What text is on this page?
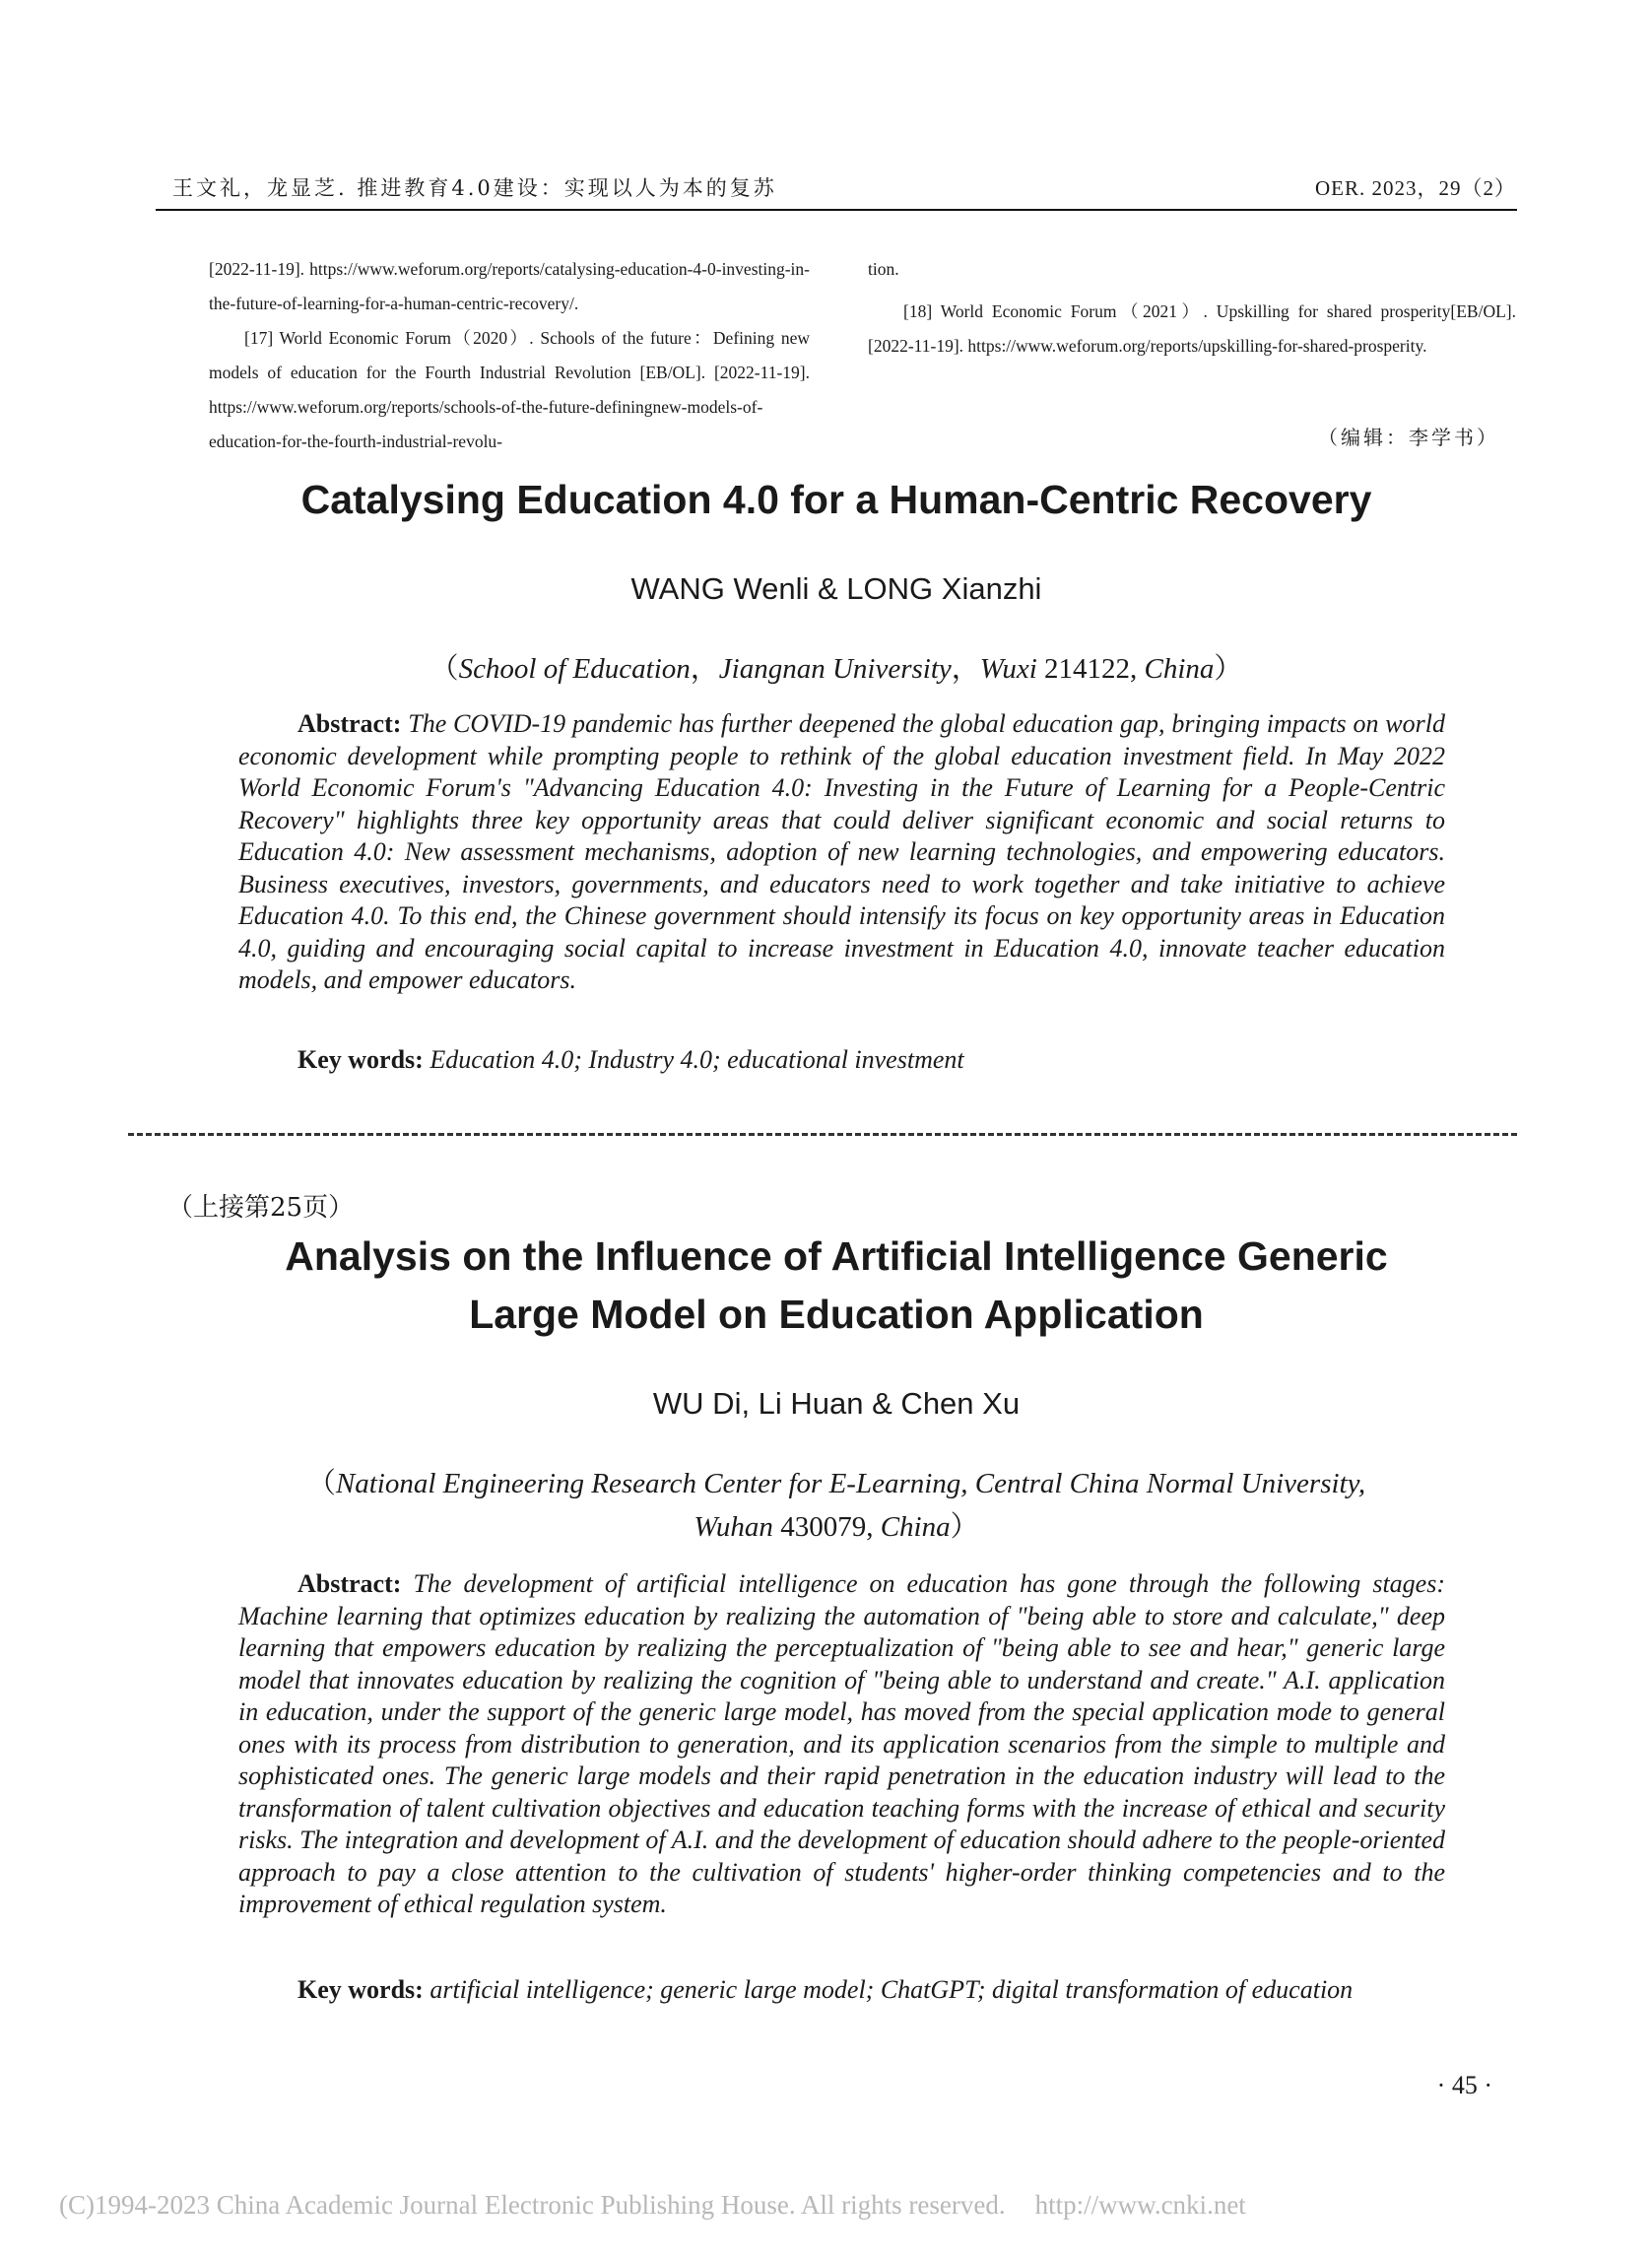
王文礼，龙显芝. 推进教育4.0建设：实现以人为本的复苏	OER. 2023，29（2）

[2022-11-19]. https://www.weforum.org/reports/catalysing-education-4-0-investing-in-the-future-of-learning-for-a-human-centric-recovery/.

[17] World Economic Forum（2020）. Schools of the future：Defining new models of education for the Fourth Industrial Revolution [EB/OL]. [2022-11-19]. https://www.weforum.org/reports/schools-of-the-future-definingnew-models-of-education-for-the-fourth-industrial-revolu-

tion.

[18] World Economic Forum（2021）. Upskilling for shared prosperity[EB/OL]. [2022-11-19]. https://www.weforum.org/reports/upskilling-for-shared-prosperity.

（编辑：李学书）
Catalysing Education 4.0 for a Human-Centric Recovery
WANG Wenli & LONG Xianzhi
（School of Education，Jiangnan University，Wuxi 214122, China）
Abstract: The COVID-19 pandemic has further deepened the global education gap, bringing impacts on world economic development while prompting people to rethink of the global education investment field. In May 2022 World Economic Forum's "Advancing Education 4.0: Investing in the Future of Learning for a People-Centric Recovery" highlights three key opportunity areas that could deliver significant economic and social returns to Education 4.0: New assessment mechanisms, adoption of new learning technologies, and empowering educators. Business executives, investors, governments, and educators need to work together and take initiative to achieve Education 4.0. To this end, the Chinese government should intensify its focus on key opportunity areas in Education 4.0, guiding and encouraging social capital to increase investment in Education 4.0, innovate teacher education models, and empower educators.
Key words: Education 4.0; Industry 4.0; educational investment
（上接第25页）
Analysis on the Influence of Artificial Intelligence Generic
Large Model on Education Application
WU Di, Li Huan & Chen Xu
（National Engineering Research Center for E-Learning, Central China Normal University,
Wuhan 430079, China）
Abstract: The development of artificial intelligence on education has gone through the following stages: Machine learning that optimizes education by realizing the automation of "being able to store and calculate," deep learning that empowers education by realizing the perceptualization of "being able to see and hear," generic large model that innovates education by realizing the cognition of "being able to understand and create." A.I. application in education, under the support of the generic large model, has moved from the special application mode to general ones with its process from distribution to generation, and its application scenarios from the simple to multiple and sophisticated ones. The generic large models and their rapid penetration in the education industry will lead to the transformation of talent cultivation objectives and education teaching forms with the increase of ethical and security risks. The integration and development of A.I. and the development of education should adhere to the people-oriented approach to pay a close attention to the cultivation of students' higher-order thinking competencies and to the improvement of ethical regulation system.
Key words: artificial intelligence; generic large model; ChatGPT; digital transformation of education
· 45 ·
(C)1994-2023 China Academic Journal Electronic Publishing House. All rights reserved. http://www.cnki.net
